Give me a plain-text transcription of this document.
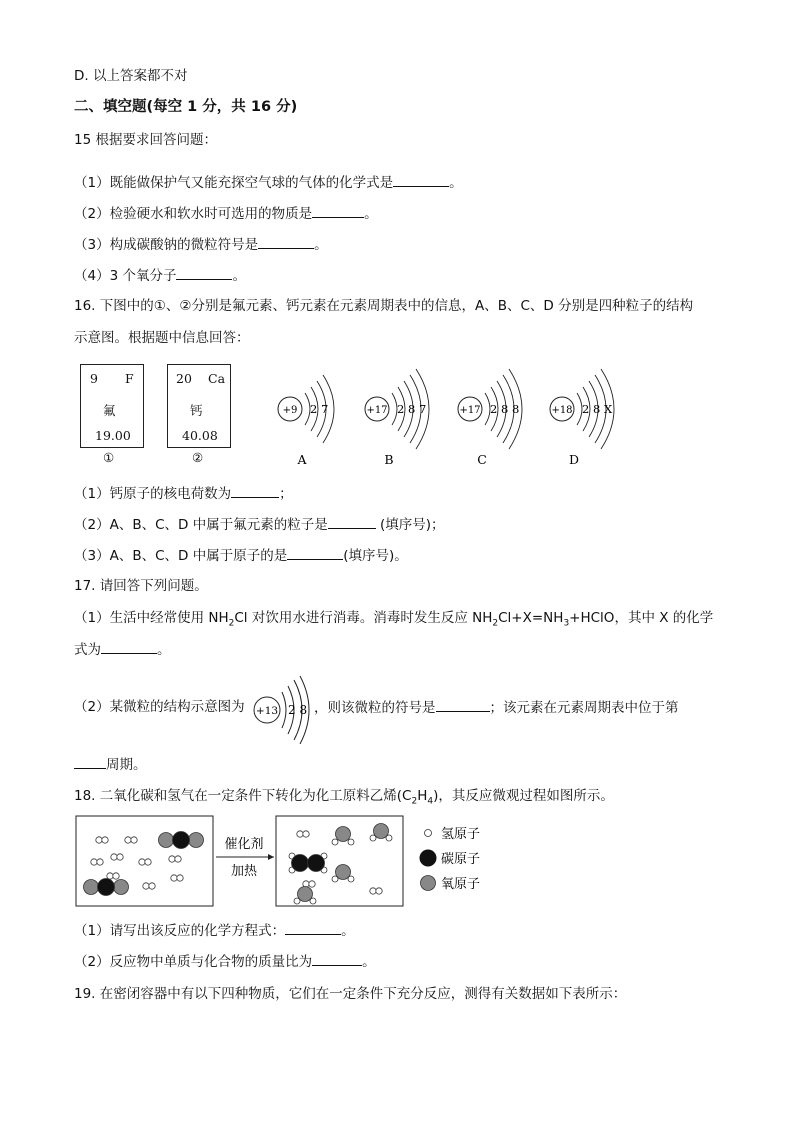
D. 以上答案都不对
二、填空题(每空 1 分，共 16 分)
15 根据要求回答问题：
（1）既能做保护气又能充探空气球的气体的化学式是	。
（2）检验硬水和软水时可选用的物质是	。
（3）构成碳酸钠的微粒符号是	。
（4）3 个氧分子	。
16. 下图中的①、②分别是氟元素、钙元素在元素周期表中的信息，A、B、C、D 分别是四种粒子的结构
示意图。根据题中信息回答：
9 F
氟
19.00
①
20 Ca
钙
40.08
②
+9 2 7
A
+17 2 8 7
B
+17 2 8 8
C
+18 2 8 X
D
（1）钙原子的核电荷数为	；
（2）A、B、C、D 中属于氟元素的粒子是	(填序号)；
（3）A、B、C、D 中属于原子的是	(填序号)。
17. 请回答下列问题。
（1）生活中经常使用 $NH_2Cl$ 对饮用水进行消毒。消毒时发生反应 $NH_2Cl+X=NH_3+HClO$，其中 X 的化学
式为	。
（2）某微粒的结构示意图为 +13 2 8 ，则该微粒的符号是	；该元素在元素周期表中位于第
周期。
18. 二氧化碳和氢气在一定条件下转化为化工原料乙烯$(C_2H_4)$，其反应微观过程如图所示。
催化剂
加热
氢原子
碳原子
氧原子
（1）请写出该反应的化学方程式：	。
（2）反应物中单质与化合物的质量比为	。
19. 在密闭容器中有以下四种物质，它们在一定条件下充分反应，测得有关数据如下表所示：
